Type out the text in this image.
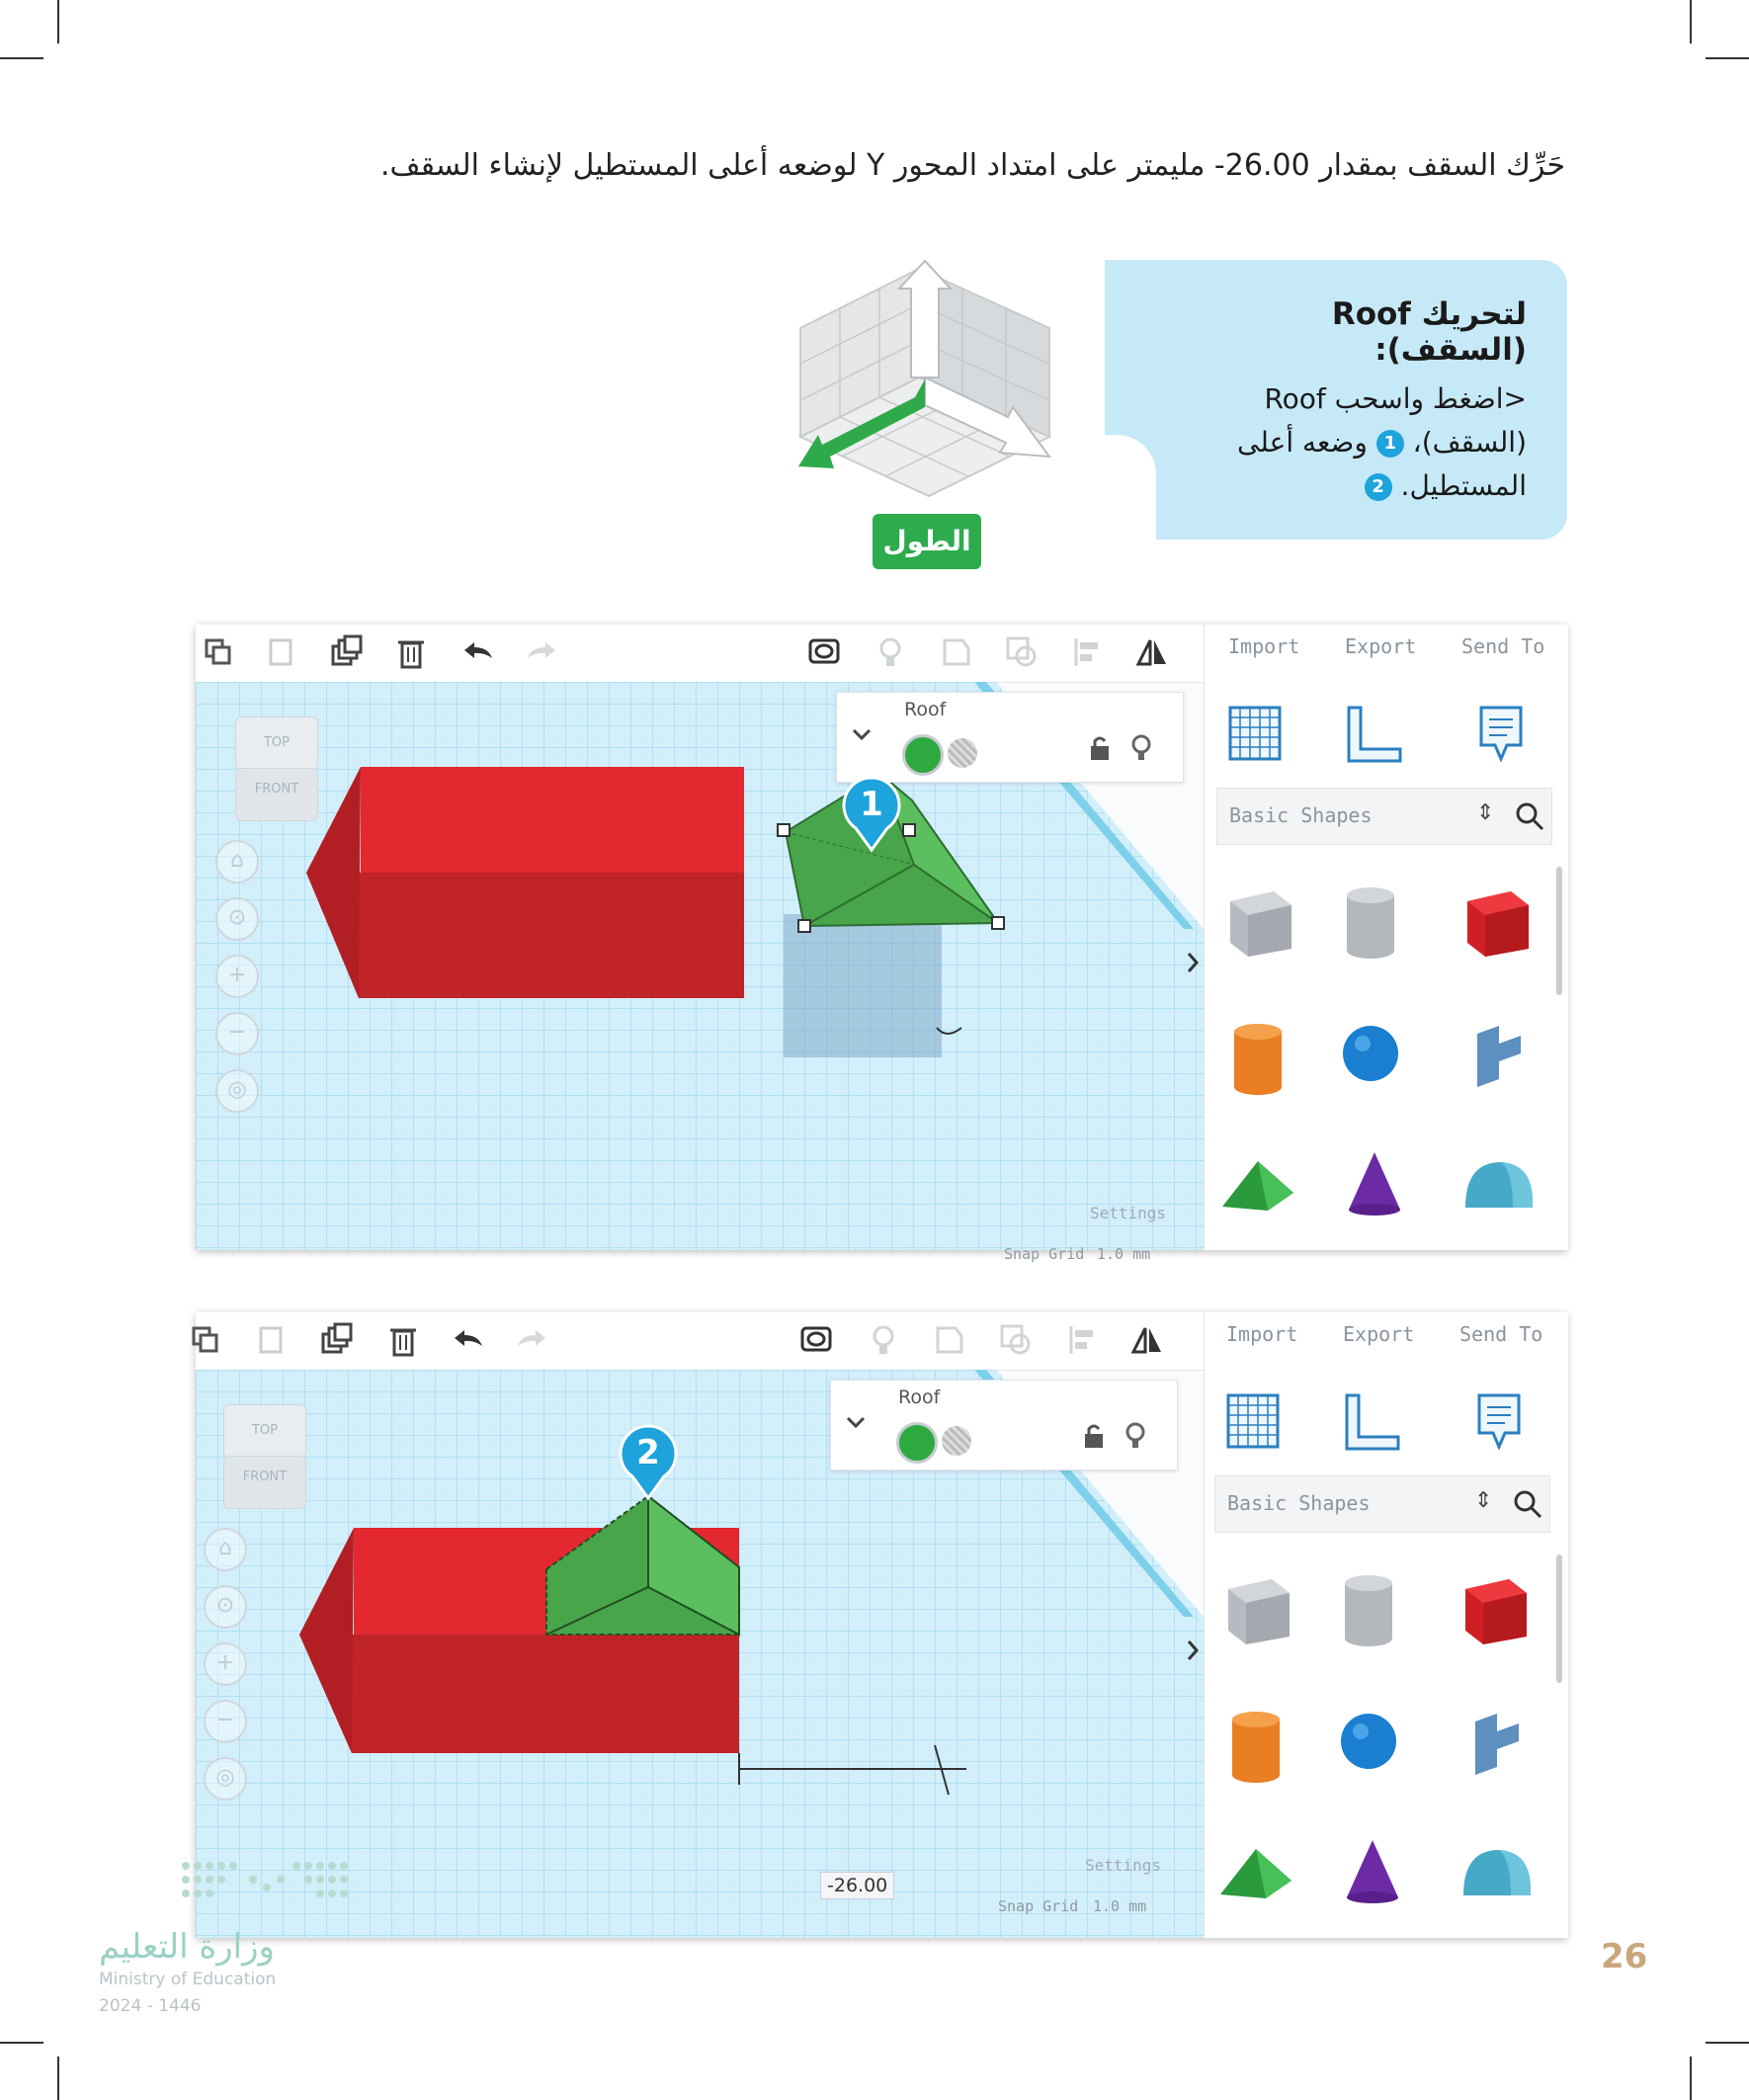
حَرِّك السقف بمقدار 26.00- مليمتر على امتداد المحور Y لوضعه أعلى المستطيل لإنشاء السقف.
الطول
لتحريك Roof (السقف):
<اضغط واسحب Roof (السقف)، 1 وضعه أعلى المستطيل. 2
TOP
FRONT
⌂
⊙
+
−
◎
Roof
1
Settings
Snap Grid 1.0 mm
Import Export Send To
Basic Shapes	⇕
TOP
FRONT
⌂
⊙
+
−
◎
Roof
2
-26.00
Settings
Snap Grid 1.0 mm
Import Export Send To
Basic Shapes	⇕
وزارة التعليم
Ministry of Education
2024 - 1446
26
